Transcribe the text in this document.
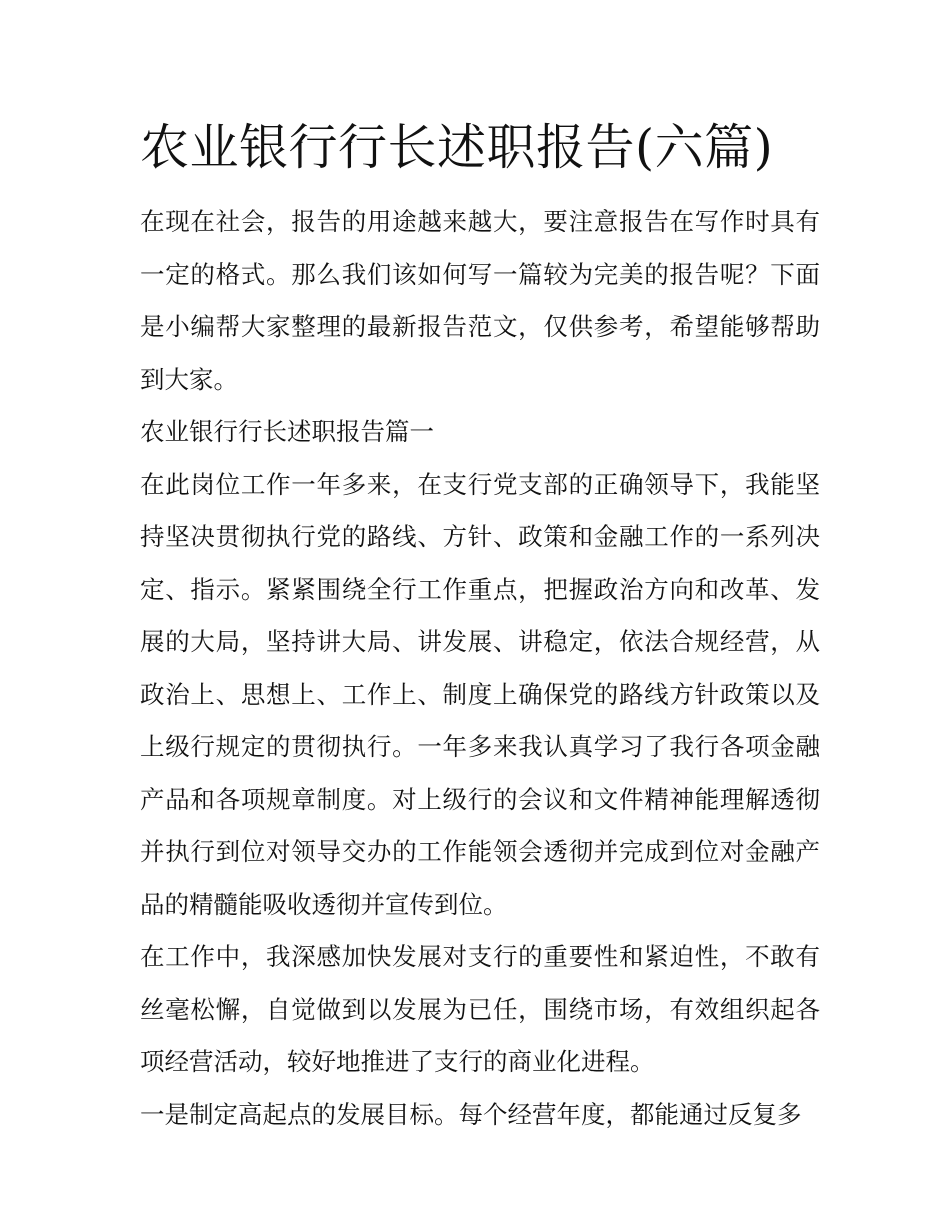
农业银行行长述职报告(六篇)

在现在社会，报告的用途越来越大，要注意报告在写作时具有一定的格式。那么我们该如何写一篇较为完美的报告呢？下面是小编帮大家整理的最新报告范文，仅供参考，希望能够帮助到大家。

农业银行行长述职报告篇一

在此岗位工作一年多来，在支行党支部的正确领导下，我能坚持坚决贯彻执行党的路线、方针、政策和金融工作的一系列决定、指示。紧紧围绕全行工作重点，把握政治方向和改革、发展的大局，坚持讲大局、讲发展、讲稳定，依法合规经营，从政治上、思想上、工作上、制度上确保党的路线方针政策以及上级行规定的贯彻执行。一年多来我认真学习了我行各项金融产品和各项规章制度。对上级行的会议和文件精神能理解透彻并执行到位对领导交办的工作能领会透彻并完成到位对金融产品的精髓能吸收透彻并宣传到位。

在工作中，我深感加快发展对支行的重要性和紧迫性，不敢有丝毫松懈，自觉做到以发展为已任，围绕市场，有效组织起各项经营活动，较好地推进了支行的商业化进程。

一是制定高起点的发展目标。每个经营年度，都能通过反复多
